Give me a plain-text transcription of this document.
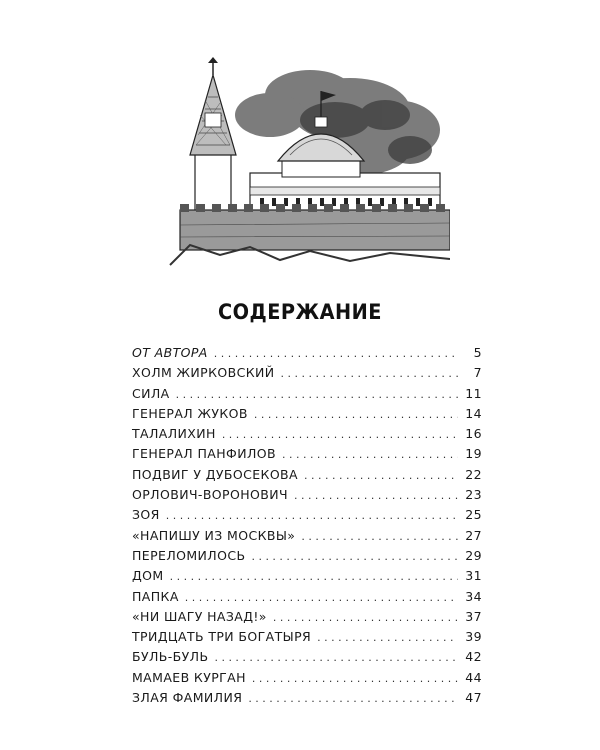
СОДЕРЖАНИЕ
ОТ АВТОРА . . .	5
ХОЛМ ЖИРКОВСКИЙ . . .	7
СИЛА . . .	11
ГЕНЕРАЛ ЖУКОВ . . .	14
ТАЛАЛИХИН . . .	16
ГЕНЕРАЛ ПАНФИЛОВ . . .	19
ПОДВИГ У ДУБОСЕКОВА . . .	22
ОРЛОВИЧ-ВОРОНОВИЧ . . .	23
ЗОЯ . . .	25
«НАПИШУ ИЗ МОСКВЫ» . . .	27
ПЕРЕЛОМИЛОСЬ . . .	29
ДОМ . . .	31
ПАПКА . . .	34
«НИ ШАГУ НАЗАД!» . . .	37
ТРИДЦАТЬ ТРИ БОГАТЫРЯ . . .	39
БУЛЬ-БУЛЬ . . .	42
МАМАЕВ КУРГАН . . .	44
ЗЛАЯ ФАМИЛИЯ . . .	47
